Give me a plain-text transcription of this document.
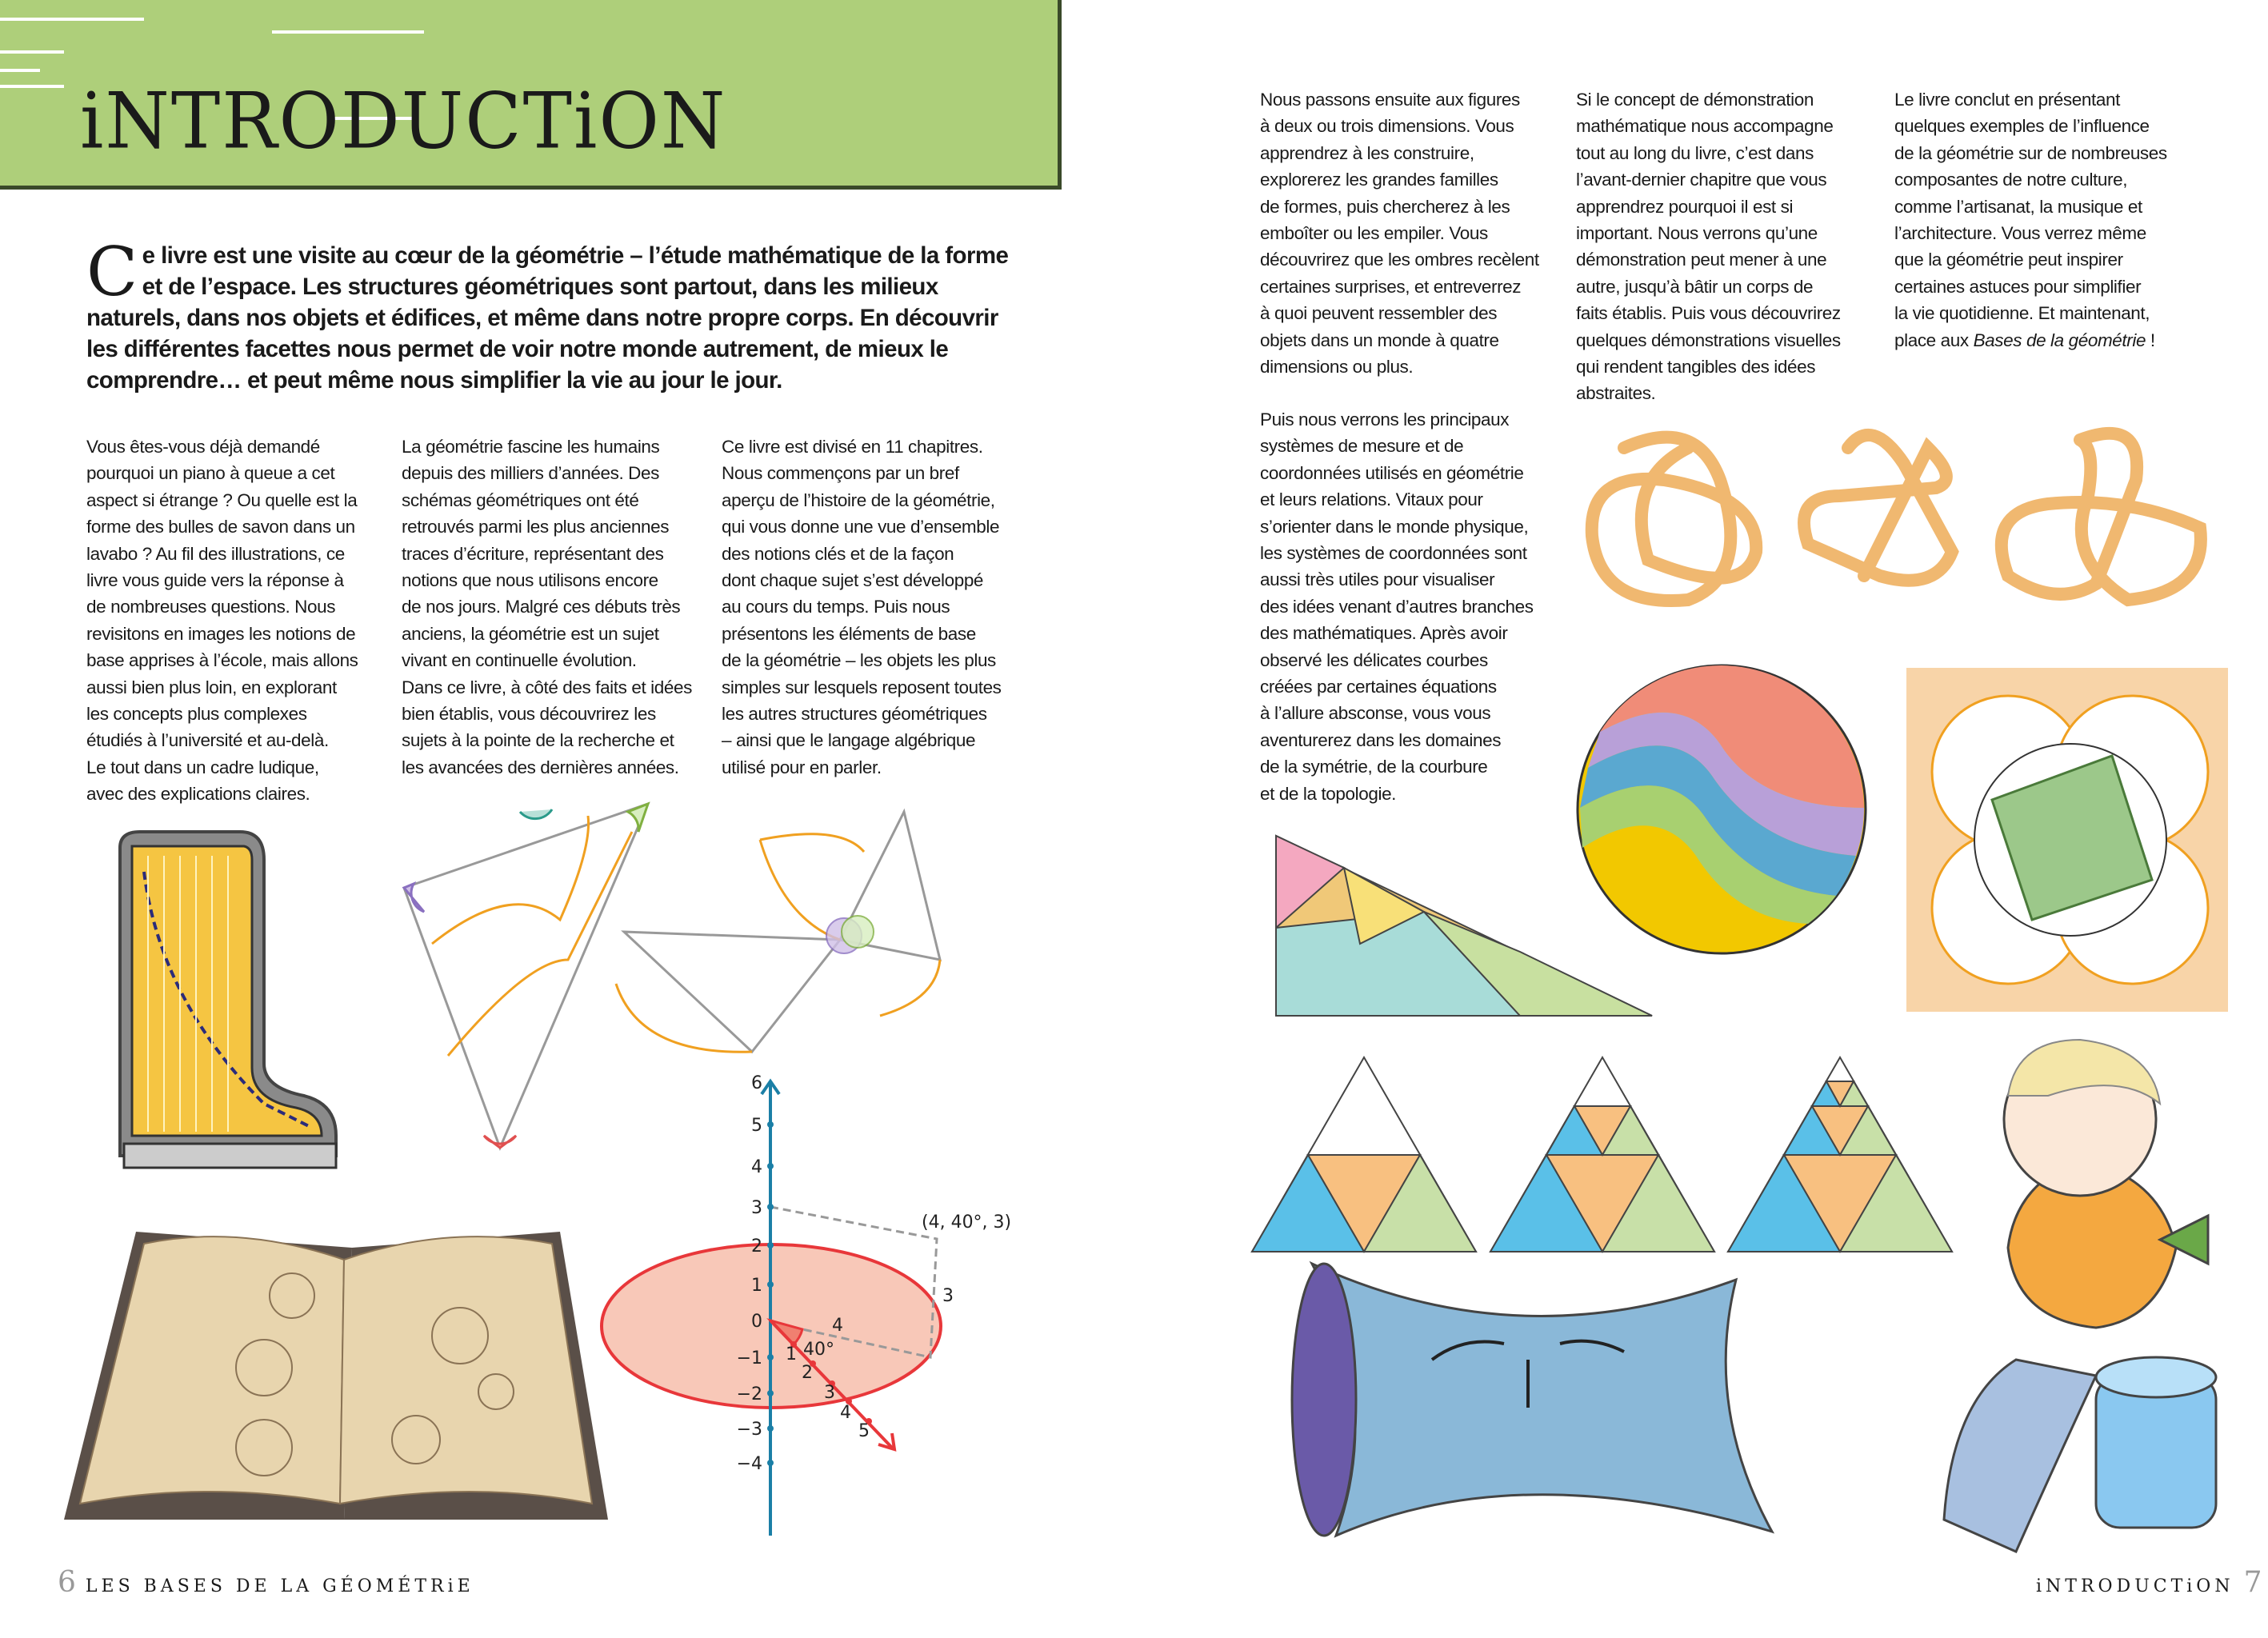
iNTRODUCTiON
Ce livre est une visite au cœur de la géométrie – l’étude mathématique de la forme et de l’espace. Les structures géométriques sont partout, dans les milieux naturels, dans nos objets et édifices, et même dans notre propre corps. En découvrir les différentes facettes nous permet de voir notre monde autrement, de mieux le comprendre… et peut même nous simplifier la vie au jour le jour.
Vous êtes-vous déjà demandé
pourquoi un piano à queue a cet
aspect si étrange ? Ou quelle est la
forme des bulles de savon dans un
lavabo ? Au fil des illustrations, ce
livre vous guide vers la réponse à
de nombreuses questions. Nous
revisitons en images les notions de
base apprises à l’école, mais allons
aussi bien plus loin, en explorant
les concepts plus complexes
étudiés à l’université et au-delà.
Le tout dans un cadre ludique,
avec des explications claires.
La géométrie fascine les humains
depuis des milliers d’années. Des
schémas géométriques ont été
retrouvés parmi les plus anciennes
traces d’écriture, représentant des
notions que nous utilisons encore
de nos jours. Malgré ces débuts très
anciens, la géométrie est un sujet
vivant en continuelle évolution.
Dans ce livre, à côté des faits et idées
bien établis, vous découvrirez les
sujets à la pointe de la recherche et
les avancées des dernières années.
Ce livre est divisé en 11 chapitres.
Nous commençons par un bref
aperçu de l’histoire de la géométrie,
qui vous donne une vue d’ensemble
des notions clés et de la façon
dont chaque sujet s’est développé
au cours du temps. Puis nous
présentons les éléments de base
de la géométrie – les objets les plus
simples sur lesquels reposent toutes
les autres structures géométriques
– ainsi que le langage algébrique
utilisé pour en parler.
Nous passons ensuite aux figures
à deux ou trois dimensions. Vous
apprendrez à les construire,
explorerez les grandes familles
de formes, puis chercherez à les
emboîter ou les empiler. Vous
découvrirez que les ombres recèlent
certaines surprises, et entreverrez
à quoi peuvent ressembler des
objets dans un monde à quatre
dimensions ou plus.
Puis nous verrons les principaux
systèmes de mesure et de
coordonnées utilisés en géométrie
et leurs relations. Vitaux pour
s’orienter dans le monde physique,
les systèmes de coordonnées sont
aussi très utiles pour visualiser
des idées venant d’autres branches
des mathématiques. Après avoir
observé les délicates courbes
créées par certaines équations
à l’allure absconse, vous vous
aventurerez dans les domaines
de la symétrie, de la courbure
et de la topologie.
Si le concept de démonstration
mathématique nous accompagne
tout au long du livre, c’est dans
l’avant-dernier chapitre que vous
apprendrez pourquoi il est si
important. Nous verrons qu’une
démonstration peut mener à une
autre, jusqu’à bâtir un corps de
faits établis. Puis vous découvrirez
quelques démonstrations visuelles
qui rendent tangibles des idées
abstraites.
Le livre conclut en présentant
quelques exemples de l’influence
de la géométrie sur de nombreuses
composantes de notre culture,
comme l’artisanat, la musique et
l’architecture. Vous verrez même
que la géométrie peut inspirer
certaines astuces pour simplifier
la vie quotidienne. Et maintenant,
place aux Bases de la géométrie !
6
5
4
3
2
1
0
−1
−2
−3
−4
1
2
3
4
5
40°
4
3
(4, 40°, 3)
6 LES BASES DE LA GÉOMÉTRiE	iNTRODUCTiON 7
